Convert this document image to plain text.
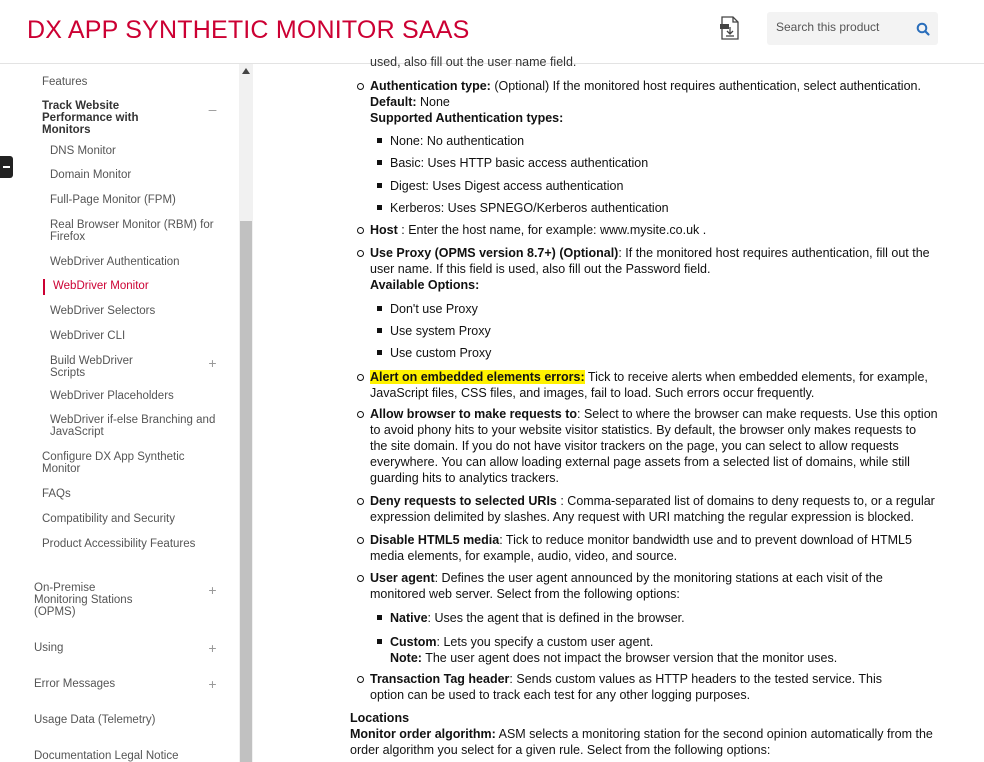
DX APP SYNTHETIC MONITOR SAAS
Search this product
Features
Track Website Performance with Monitors
–
DNS Monitor
Domain Monitor
Full-Page Monitor (FPM)
Real Browser Monitor (RBM) for Firefox
WebDriver Authentication
WebDriver Monitor
WebDriver Selectors
WebDriver CLI
Build WebDriver Scripts
+
WebDriver Placeholders
WebDriver if-else Branching and JavaScript
Configure DX App Synthetic Monitor
FAQs
Compatibility and Security
Product Accessibility Features
On-Premise Monitoring Stations (OPMS)
+
Using	+
Error Messages	+
Usage Data (Telemetry)
Documentation Legal Notice
used, also fill out the user name field.
Authentication type: (Optional) If the monitored host requires authentication, select authentication.
Default: None
Supported Authentication types:
None: No authentication
Basic: Uses HTTP basic access authentication
Digest: Uses Digest access authentication
Kerberos: Uses SPNEGO/Kerberos authentication
Host : Enter the host name, for example: www.mysite.co.uk .
Use Proxy (OPMS version 8.7+) (Optional): If the monitored host requires authentication, fill out the
user name. If this field is used, also fill out the Password field.
Available Options:
Don't use Proxy
Use system Proxy
Use custom Proxy
Alert on embedded elements errors: Tick to receive alerts when embedded elements, for example,
JavaScript files, CSS files, and images, fail to load. Such errors occur frequently.
Allow browser to make requests to: Select to where the browser can make requests. Use this option
to avoid phony hits to your website visitor statistics. By default, the browser only makes requests to
the site domain. If you do not have visitor trackers on the page, you can select to allow requests
everywhere. You can allow loading external page assets from a selected list of domains, while still
guarding hits to analytics trackers.
Deny requests to selected URIs : Comma-separated list of domains to deny requests to, or a regular
expression delimited by slashes. Any request with URI matching the regular expression is blocked.
Disable HTML5 media: Tick to reduce monitor bandwidth use and to prevent download of HTML5
media elements, for example, audio, video, and source.
User agent: Defines the user agent announced by the monitoring stations at each visit of the
monitored web server. Select from the following options:
Native: Uses the agent that is defined in the browser.
Custom: Lets you specify a custom user agent.
Note: The user agent does not impact the browser version that the monitor uses.
Transaction Tag header: Sends custom values as HTTP headers to the tested service. This
option can be used to track each test for any other logging purposes.
Locations
Monitor order algorithm: ASM selects a monitoring station for the second opinion automatically from the
order algorithm you select for a given rule. Select from the following options:
